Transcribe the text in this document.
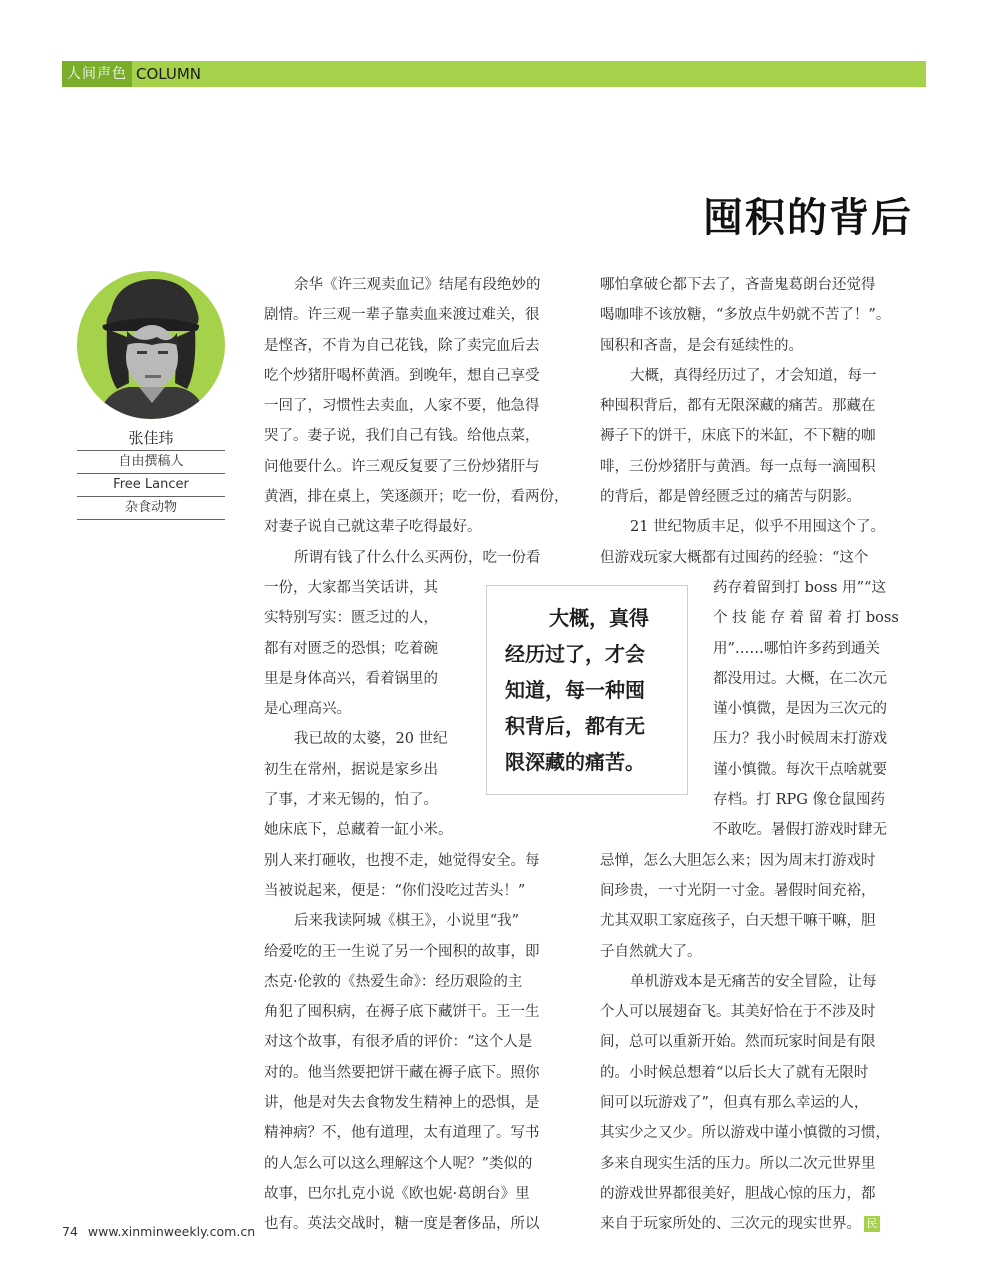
人间声色 COLUMN
囤积的背后
张佳玮
自由撰稿人
Free Lancer
杂食动物

余华《许三观卖血记》结尾有段绝妙的

剧情。许三观一辈子靠卖血来渡过难关，很

是悭吝，不肯为自己花钱，除了卖完血后去

吃个炒猪肝喝杯黄酒。到晚年，想自己享受

一回了，习惯性去卖血，人家不要，他急得

哭了。妻子说，我们自己有钱。给他点菜，

问他要什么。许三观反复要了三份炒猪肝与

黄酒，排在桌上，笑逐颜开；吃一份，看两份，

对妻子说自己就这辈子吃得最好。

所谓有钱了什么什么买两份，吃一份看

一份，大家都当笑话讲，其

实特别写实：匮乏过的人，

都有对匮乏的恐惧；吃着碗

里是身体高兴，看着锅里的

是心理高兴。

我已故的太婆，20 世纪

初生在常州，据说是家乡出

了事，才来无锡的，怕了。

她床底下，总藏着一缸小米。

别人来打砸收，也搜不走，她觉得安全。每

当被说起来，便是：“你们没吃过苦头！”

后来我读阿城《棋王》，小说里“我”

给爱吃的王一生说了另一个囤积的故事，即

杰克·伦敦的《热爱生命》：经历艰险的主

角犯了囤积病，在褥子底下藏饼干。王一生

对这个故事，有很矛盾的评价：“这个人是

对的。他当然要把饼干藏在褥子底下。照你

讲，他是对失去食物发生精神上的恐惧，是

精神病？不，他有道理，太有道理了。写书

的人怎么可以这么理解这个人呢？”类似的

故事，巴尔扎克小说《欧也妮·葛朗台》里

也有。英法交战时，糖一度是奢侈品，所以

哪怕拿破仑都下去了，吝啬鬼葛朗台还觉得

喝咖啡不该放糖，“多放点牛奶就不苦了！”。

囤积和吝啬，是会有延续性的。

大概，真得经历过了，才会知道，每一

种囤积背后，都有无限深藏的痛苦。那藏在

褥子下的饼干，床底下的米缸，不下糖的咖

啡，三份炒猪肝与黄酒。每一点每一滴囤积

的背后，都是曾经匮乏过的痛苦与阴影。

21 世纪物质丰足，似乎不用囤这个了。

但游戏玩家大概都有过囤药的经验：“这个

药存着留到打 boss 用”“这

个 技 能 存 着 留 着 打 boss

用”……哪怕许多药到通关

都没用过。大概，在二次元

谨小慎微，是因为三次元的

压力？我小时候周末打游戏

谨小慎微。每次干点啥就要

存档。打 RPG 像仓鼠囤药

不敢吃。暑假打游戏时肆无

忌惮，怎么大胆怎么来；因为周末打游戏时

间珍贵，一寸光阴一寸金。暑假时间充裕，

尤其双职工家庭孩子，白天想干嘛干嘛，胆

子自然就大了。

单机游戏本是无痛苦的安全冒险，让每

个人可以展翅奋飞。其美好恰在于不涉及时

间，总可以重新开始。然而玩家时间是有限

的。小时候总想着“以后长大了就有无限时

间可以玩游戏了”，但真有那么幸运的人，

其实少之又少。所以游戏中谨小慎微的习惯，

多来自现实生活的压力。所以二次元世界里

的游戏世界都很美好，胆战心惊的压力，都

来自于玩家所处的、三次元的现实世界。 民

大概，真得
经历过了，才会
知道，每一种囤
积背后，都有无
限深藏的痛苦。
74 www.xinminweekly.com.cn
